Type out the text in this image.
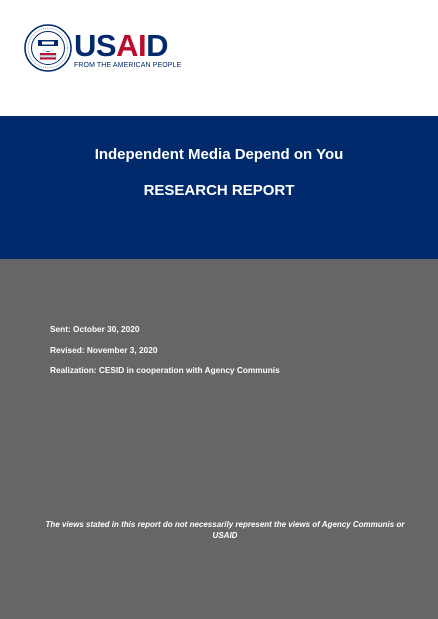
USAID
FROM THE AMERICAN PEOPLE
Independent Media Depend on You
RESEARCH REPORT
Sent: October 30, 2020
Revised: November 3, 2020
Realization: CESID in cooperation with Agency Communis
The views stated in this report do not necessarily represent the views of Agency Communis or USAID
